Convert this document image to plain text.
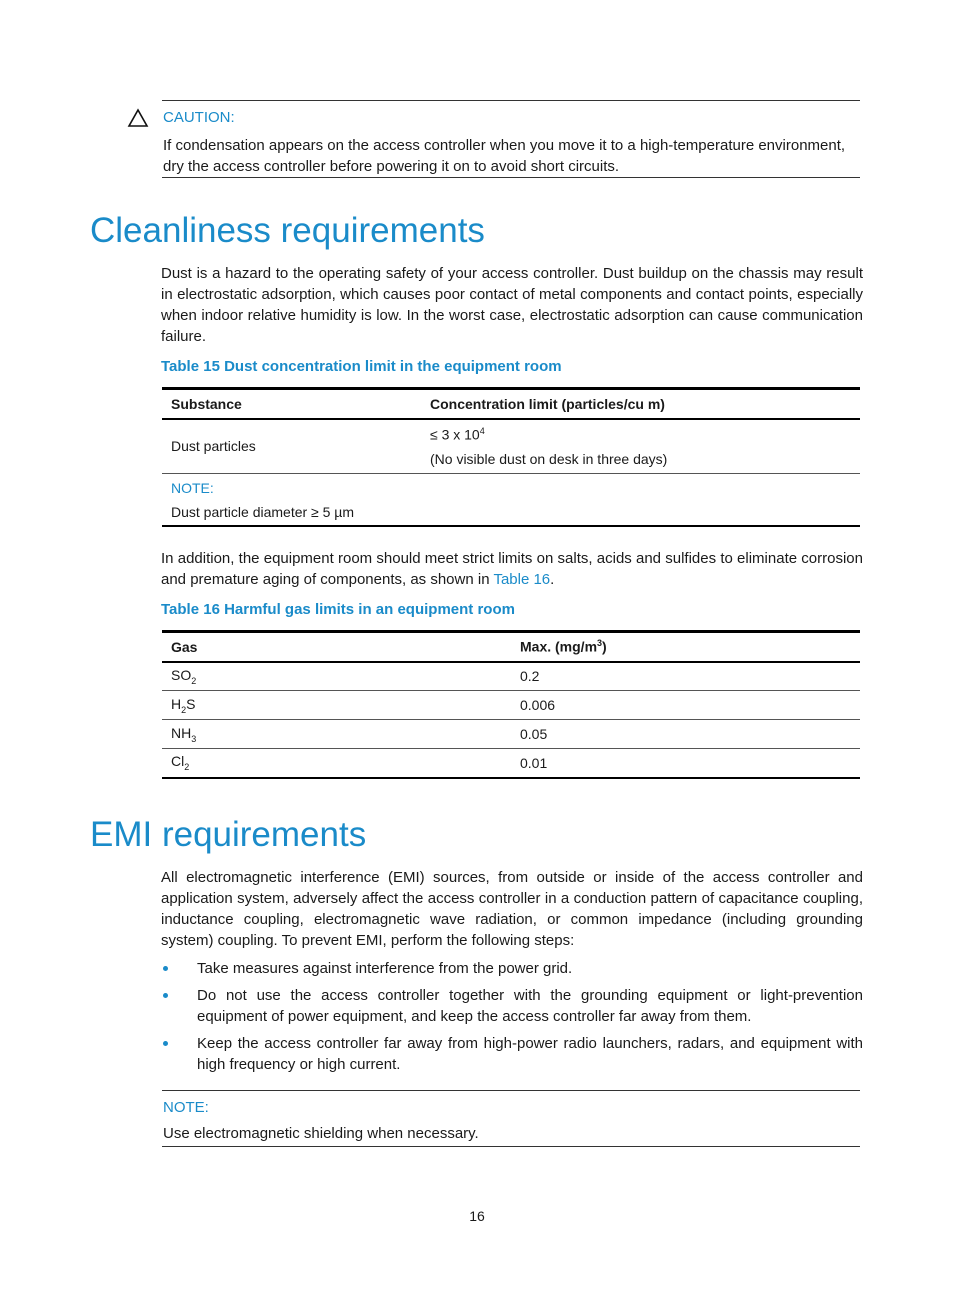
CAUTION:
If condensation appears on the access controller when you move it to a high-temperature environment, dry the access controller before powering it on to avoid short circuits.
Cleanliness requirements

Dust is a hazard to the operating safety of your access controller. Dust buildup on the chassis may result in electrostatic adsorption, which causes poor contact of metal components and contact points, especially when indoor relative humidity is low. In the worst case, electrostatic adsorption can cause communication failure.

Table 15 Dust concentration limit in the equipment room
Substance	Concentration limit (particles/cu m)
Dust particles	≤ 3 x $10^4$
(No visible dust on desk in three days)

NOTE:
Dust particle diameter ≥ 5 µm	

In addition, the equipment room should meet strict limits on salts, acids and sulfides to eliminate corrosion and premature aging of components, as shown in Table 16.

Table 16 Harmful gas limits in an equipment room
Gas	Max. $(mg/m^3)$
$SO_2$	0.2
$H_2S$	0.006
$NH_3$	0.05
$Cl_2$	0.01
EMI requirements

All electromagnetic interference (EMI) sources, from outside or inside of the access controller and application system, adversely affect the access controller in a conduction pattern of capacitance coupling, inductance coupling, electromagnetic wave radiation, or common impedance (including grounding system) coupling. To prevent EMI, perform the following steps:

Take measures against interference from the power grid.
Do not use the access controller together with the grounding equipment or light-prevention equipment of power equipment, and keep the access controller far away from them.
Keep the access controller far away from high-power radio launchers, radars, and equipment with high frequency or high current.
NOTE:
Use electromagnetic shielding when necessary.
16
